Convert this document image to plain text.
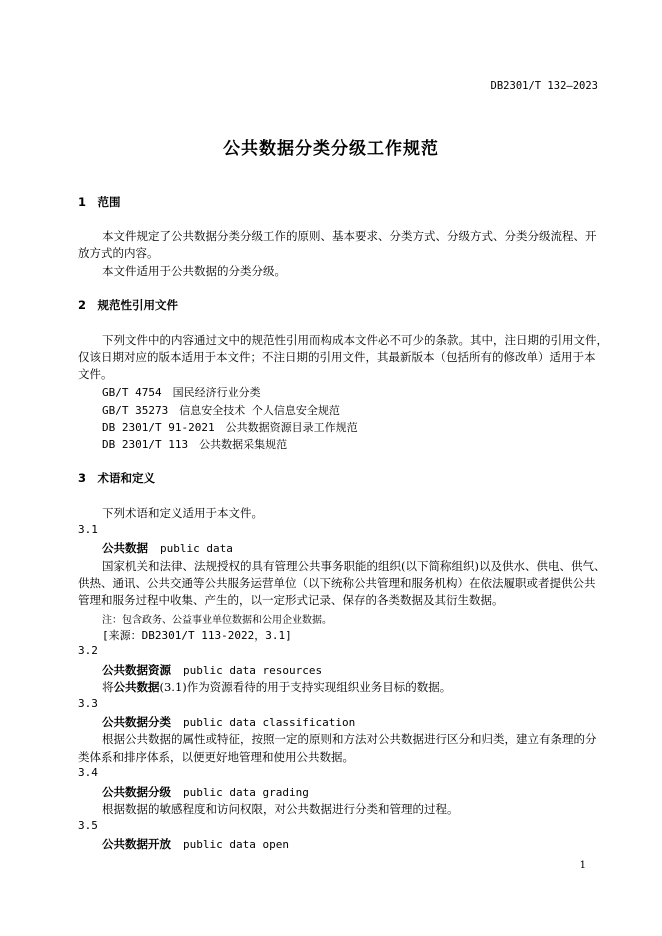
DB2301/T 132—2023
公共数据分类分级工作规范
1　范围
本文件规定了公共数据分类分级工作的原则、基本要求、分类方式、分级方式、分类分级流程、开
放方式的内容。
本文件适用于公共数据的分类分级。
2　规范性引用文件
下列文件中的内容通过文中的规范性引用而构成本文件必不可少的条款。其中，注日期的引用文件，
仅该日期对应的版本适用于本文件；不注日期的引用文件，其最新版本（包括所有的修改单）适用于本
文件。
GB/T 4754　国民经济行业分类
GB/T 35273　信息安全技术 个人信息安全规范
DB 2301/T 91-2021　公共数据资源目录工作规范
DB 2301/T 113　公共数据采集规范
3　术语和定义
下列术语和定义适用于本文件。
3.1
公共数据 public data
国家机关和法律、法规授权的具有管理公共事务职能的组织(以下简称组织)以及供水、供电、供气、
供热、通讯、公共交通等公共服务运营单位（以下统称公共管理和服务机构）在依法履职或者提供公共
管理和服务过程中收集、产生的，以一定形式记录、保存的各类数据及其衍生数据。
注：包含政务、公益事业单位数据和公用企业数据。
[来源：DB2301/T 113-2022，3.1]
3.2
公共数据资源 public data resources
将公共数据(3.1)作为资源看待的用于支持实现组织业务目标的数据。
3.3
公共数据分类 public data classification
根据公共数据的属性或特征，按照一定的原则和方法对公共数据进行区分和归类，建立有条理的分
类体系和排序体系，以便更好地管理和使用公共数据。
3.4
公共数据分级 public data grading
根据数据的敏感程度和访问权限，对公共数据进行分类和管理的过程。
3.5
公共数据开放 public data open
1
